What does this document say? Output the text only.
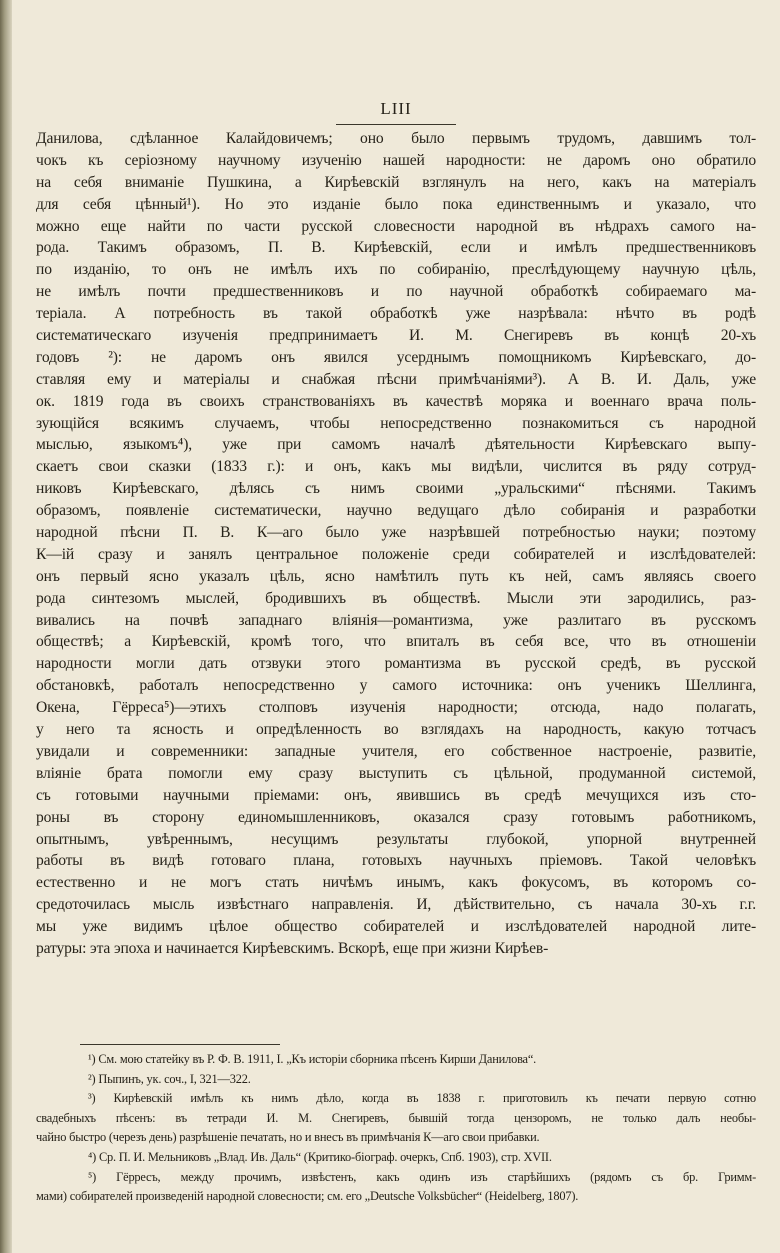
LIII
Данилова, сдѣланное Калайдовичемъ; оно было первымъ трудомъ, давшимъ тол-
чокъ къ серіозному научному изученію нашей народности: не даромъ оно обратило
на себя вниманіе Пушкина, а Кирѣевскій взглянулъ на него, какъ на матеріалъ
для себя цѣнный¹). Но это изданіе было пока единственнымъ и указало, что
можно еще найти по части русской словесности народной въ нѣдрахъ самого на-
рода. Такимъ образомъ, П. В. Кирѣевскій, если и имѣлъ предшественниковъ
по изданію, то онъ не имѣлъ ихъ по собиранію, преслѣдующему научную цѣль,
не имѣлъ почти предшественниковъ и по научной обработкѣ собираемаго ма-
теріала. А потребность въ такой обработкѣ уже назрѣвала: нѣчто въ родѣ
систематическаго изученія предпринимаетъ И. М. Снегиревъ въ концѣ 20-хъ
годовъ ²): не даромъ онъ явился усерднымъ помощникомъ Кирѣевскаго, до-
ставляя ему и матеріалы и снабжая пѣсни примѣчаніями³). А В. И. Даль, уже
ок. 1819 года въ своихъ странствованіяхъ въ качествѣ моряка и военнаго врача поль-
зующійся всякимъ случаемъ, чтобы непосредственно познакомиться съ народной
мыслью, языкомъ⁴), уже при самомъ началѣ дѣятельности Кирѣевскаго выпу-
скаетъ свои сказки (1833 г.): и онъ, какъ мы видѣли, числится въ ряду сотруд-
никовъ Кирѣевскаго, дѣлясь съ нимъ своими „уральскими“ пѣснями. Такимъ
образомъ, появленіе систематически, научно ведущаго дѣло собиранія и разработки
народной пѣсни П. В. К—аго было уже назрѣвшей потребностью науки; поэтому
К—ій сразу и занялъ центральное положеніе среди собирателей и изслѣдователей:
онъ первый ясно указалъ цѣль, ясно намѣтилъ путь къ ней, самъ являясь своего
рода синтезомъ мыслей, бродившихъ въ обществѣ. Мысли эти зародились, раз-
вивались на почвѣ западнаго вліянія—романтизма, уже разлитаго въ русскомъ
обществѣ; а Кирѣевскій, кромѣ того, что впиталъ въ себя все, что въ отношеніи
народности могли дать отзвуки этого романтизма въ русской средѣ, въ русской
обстановкѣ, работалъ непосредственно у самого источника: онъ ученикъ Шеллинга,
Окена, Гёрреса⁵)—этихъ столповъ изученія народности; отсюда, надо полагать,
у него та ясность и опредѣленность во взглядахъ на народность, какую тотчасъ
увидали и современники: западные учителя, его собственное настроеніе, развитіе,
вліяніе брата помогли ему сразу выступить съ цѣльной, продуманной системой,
съ готовыми научными пріемами: онъ, явившись въ средѣ мечущихся изъ сто-
роны въ сторону единомышленниковъ, оказался сразу готовымъ работникомъ,
опытнымъ, увѣреннымъ, несущимъ результаты глубокой, упорной внутренней
работы въ видѣ готоваго плана, готовыхъ научныхъ пріемовъ. Такой человѣкъ
естественно и не могъ стать ничѣмъ инымъ, какъ фокусомъ, въ которомъ со-
средоточилась мысль извѣстнаго направленія. И, дѣйствительно, съ начала 30-хъ г.г.
мы уже видимъ цѣлое общество собирателей и изслѣдователей народной лите-
ратуры: эта эпоха и начинается Кирѣевскимъ. Вскорѣ, еще при жизни Кирѣев-
¹) См. мою статейку въ Р. Ф. В. 1911, I. „Къ исторіи сборника пѣсенъ Кирши Данилова“.
²) Пыпинъ, ук. соч., I, 321—322.
³) Кирѣевскій имѣлъ къ нимъ дѣло, когда въ 1838 г. приготовилъ къ печати первую сотню
свадебныхъ пѣсенъ: въ тетради И. М. Снегиревъ, бывшій тогда цензоромъ, не только далъ необы-
чайно быстро (черезъ день) разрѣшеніе печатать, но и внесъ въ примѣчанія К—аго свои прибавки.
⁴) Ср. П. И. Мельниковъ „Влад. Ив. Даль“ (Критико-біограф. очеркъ, Спб. 1903), стр. XVII.
⁵) Гёрресъ, между прочимъ, извѣстенъ, какъ одинъ изъ старѣйшихъ (рядомъ съ бр. Гримм-
мами) собирателей произведеній народной словесности; см. его „Deutsche Volksbücher“ (Heidelberg, 1807).
